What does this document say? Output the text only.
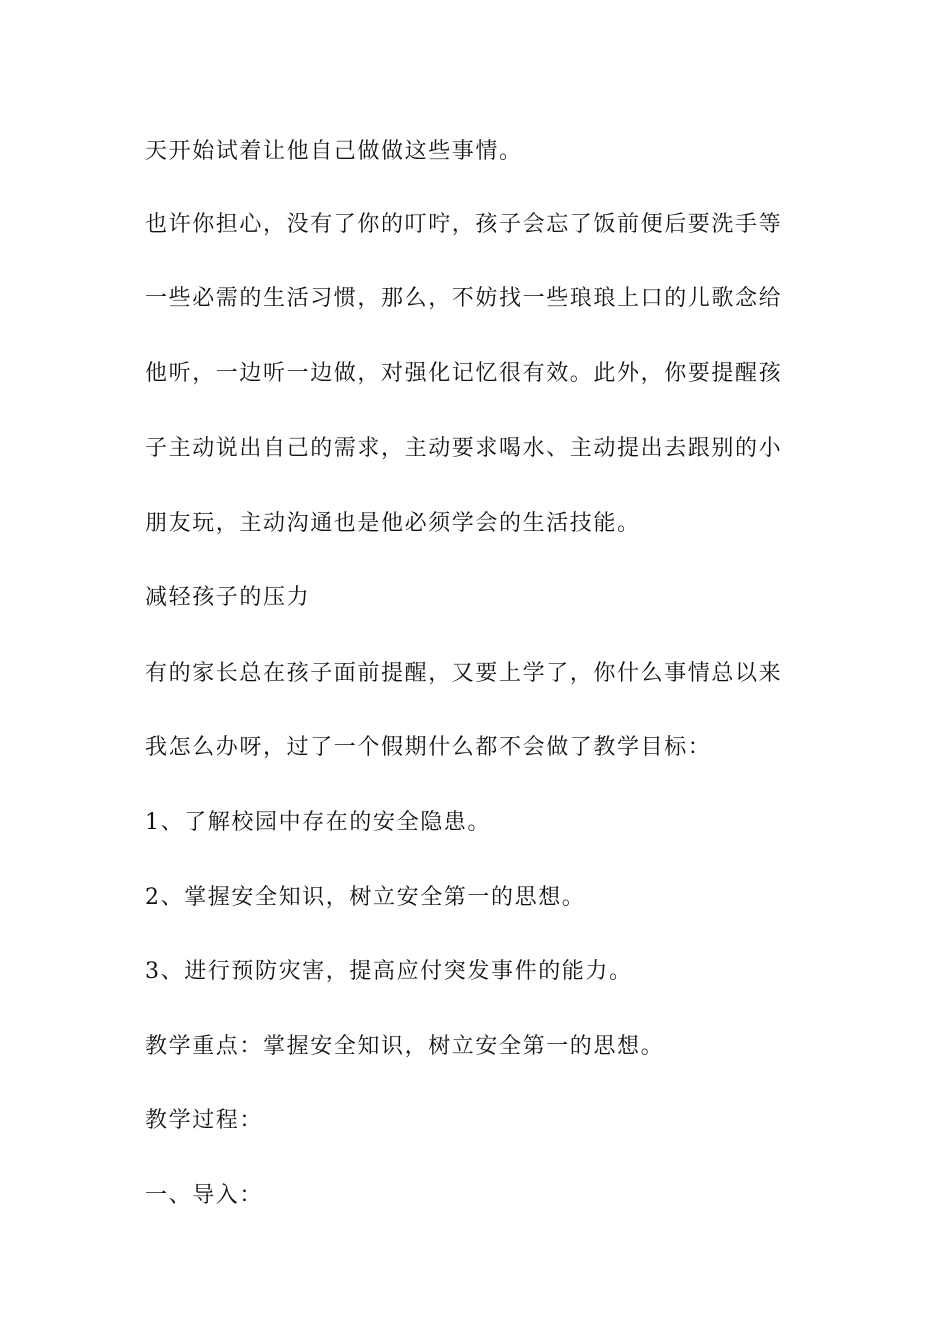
天开始试着让他自己做做这些事情。
也许你担心，没有了你的叮咛，孩子会忘了饭前便后要洗手等
一些必需的生活习惯，那么，不妨找一些琅琅上口的儿歌念给
他听，一边听一边做，对强化记忆很有效。此外，你要提醒孩
子主动说出自己的需求，主动要求喝水、主动提出去跟别的小
朋友玩，主动沟通也是他必须学会的生活技能。
减轻孩子的压力
有的家长总在孩子面前提醒，又要上学了，你什么事情总以来
我怎么办呀，过了一个假期什么都不会做了教学目标：
1、了解校园中存在的安全隐患。
2、掌握安全知识，树立安全第一的思想。
3、进行预防灾害，提高应付突发事件的能力。
教学重点：掌握安全知识，树立安全第一的思想。
教学过程：
一、导入：
